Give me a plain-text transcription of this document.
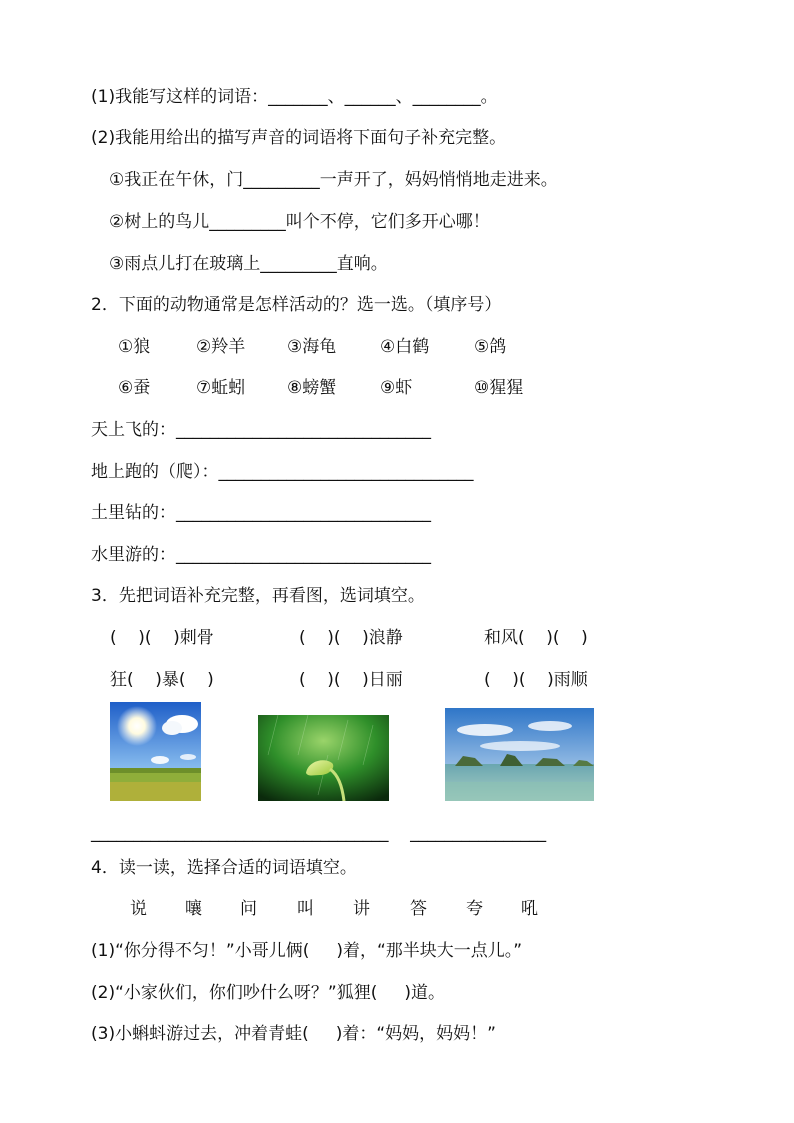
(1)我能写这样的词语：_______、______、________。
(2)我能用给出的描写声音的词语将下面句子补充完整。
①我正在午休，门_________一声开了，妈妈悄悄地走进来。
②树上的鸟儿_________叫个不停，它们多开心哪！
③雨点儿打在玻璃上_________直响。
2．下面的动物通常是怎样活动的？选一选。（填序号）
①狼	②羚羊 ③海龟	④白鹤	⑤鸽
⑥蚕	⑦蚯蚓 ⑧螃蟹	⑨虾	⑩猩猩
天上飞的：______________________________
地上跑的（爬）：______________________________
土里钻的：______________________________
水里游的：______________________________
3．先把词语补充完整，再看图，选词填空。
(    )(    )刺骨	(    )(    )浪静	和风(    )(    )
狂(    )暴(    )	(    )(    )日丽	(    )(    )雨顺
___________________________________    ________________
4．读一读，选择合适的词语填空。
说 嚷 问 叫 讲 答 夸 吼
(1)“你分得不匀！”小哥儿俩(     )着，“那半块大一点儿。”
(2)“小家伙们，你们吵什么呀？”狐狸(     )道。
(3)小蝌蚪游过去，冲着青蛙(     )着：“妈妈，妈妈！”
